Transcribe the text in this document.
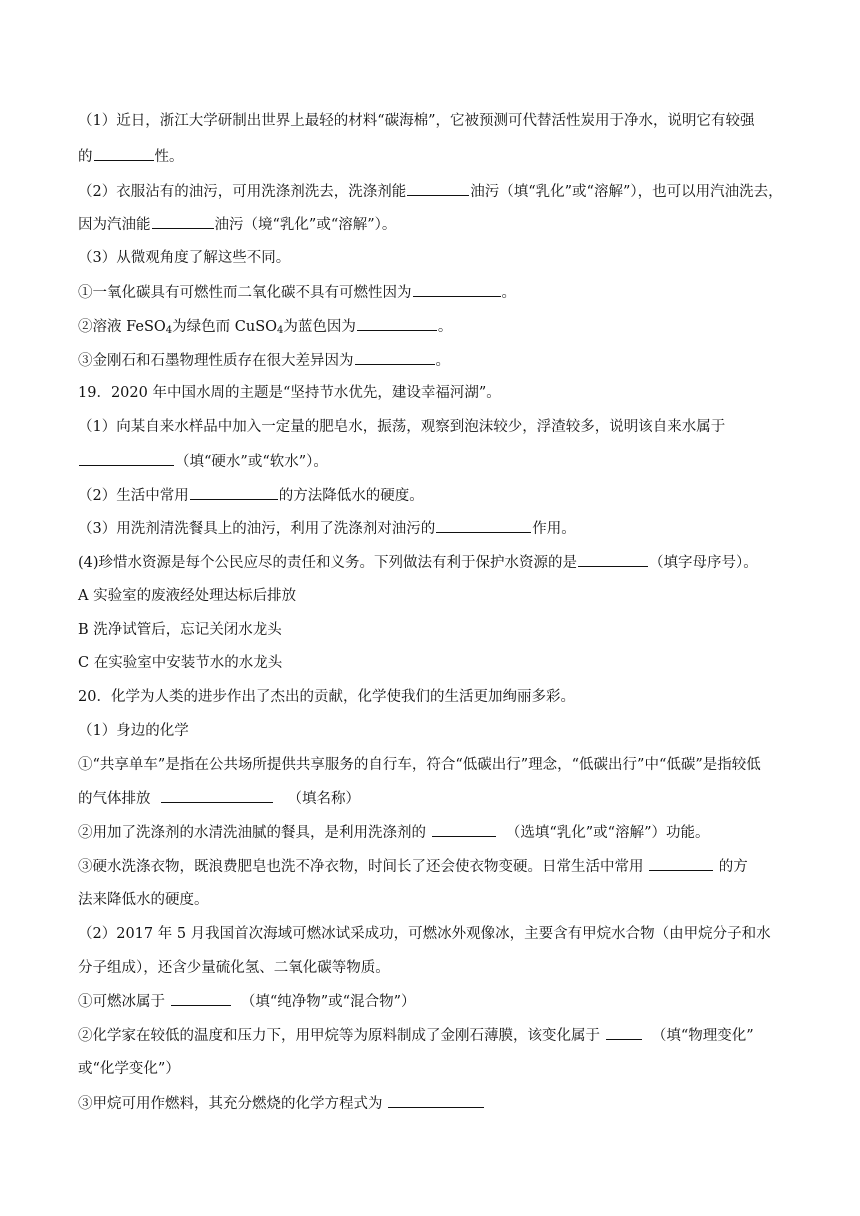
（1）近日，浙江大学研制出世界上最轻的材料“碳海棉”，它被预测可代替活性炭用于净水，说明它有较强
的	性。
（2）衣服沾有的油污，可用洗涤剂洗去，洗涤剂能	油污（填“乳化”或“溶解”），也可以用汽油洗去，
因为汽油能	油污（境“乳化”或“溶解”）。
（3）从微观角度了解这些不同。
①一氧化碳具有可燃性而二氧化碳不具有可燃性因为	。
②溶液 FeSO$_4$为绿色而 CuSO$_4$为蓝色因为	。
③金刚石和石墨物理性质存在很大差异因为	。
19．2020 年中国水周的主题是“坚持节水优先，建设幸福河湖”。
（1）向某自来水样品中加入一定量的肥皂水，振荡，观察到泡沫较少，浮渣较多，说明该自来水属于
（填“硬水”或“软水”）。
（2）生活中常用	的方法降低水的硬度。
（3）用洗剂清洗餐具上的油污，利用了洗涤剂对油污的	作用。
(4)珍惜水资源是每个公民应尽的责任和义务。下列做法有利于保护水资源的是	（填字母序号）。
A 实验室的废液经处理达标后排放
B 洗净试管后，忘记关闭水龙头
C 在实验室中安装节水的水龙头
20．化学为人类的进步作出了杰出的贡献，化学使我们的生活更加绚丽多彩。
（1）身边的化学
①“共享单车”是指在公共场所提供共享服务的自行车，符合“低碳出行”理念，“低碳出行”中“低碳”是指较低
的气体排放	（填名称）
②用加了洗涤剂的水清洗油腻的餐具，是利用洗涤剂的	（选填“乳化”或“溶解”）功能。
③硬水洗涤衣物，既浪费肥皂也洗不净衣物，时间长了还会使衣物变硬。日常生活中常用	的方
法来降低水的硬度。
（2）2017 年 5 月我国首次海域可燃冰试采成功，可燃冰外观像冰，主要含有甲烷水合物（由甲烷分子和水
分子组成），还含少量硫化氢、二氧化碳等物质。
①可燃冰属于	（填“纯净物”或“混合物”）
②化学家在较低的温度和压力下，用甲烷等为原料制成了金刚石薄膜，该变化属于	（填“物理变化”
或“化学变化”）
③甲烷可用作燃料，其充分燃烧的化学方程式为
